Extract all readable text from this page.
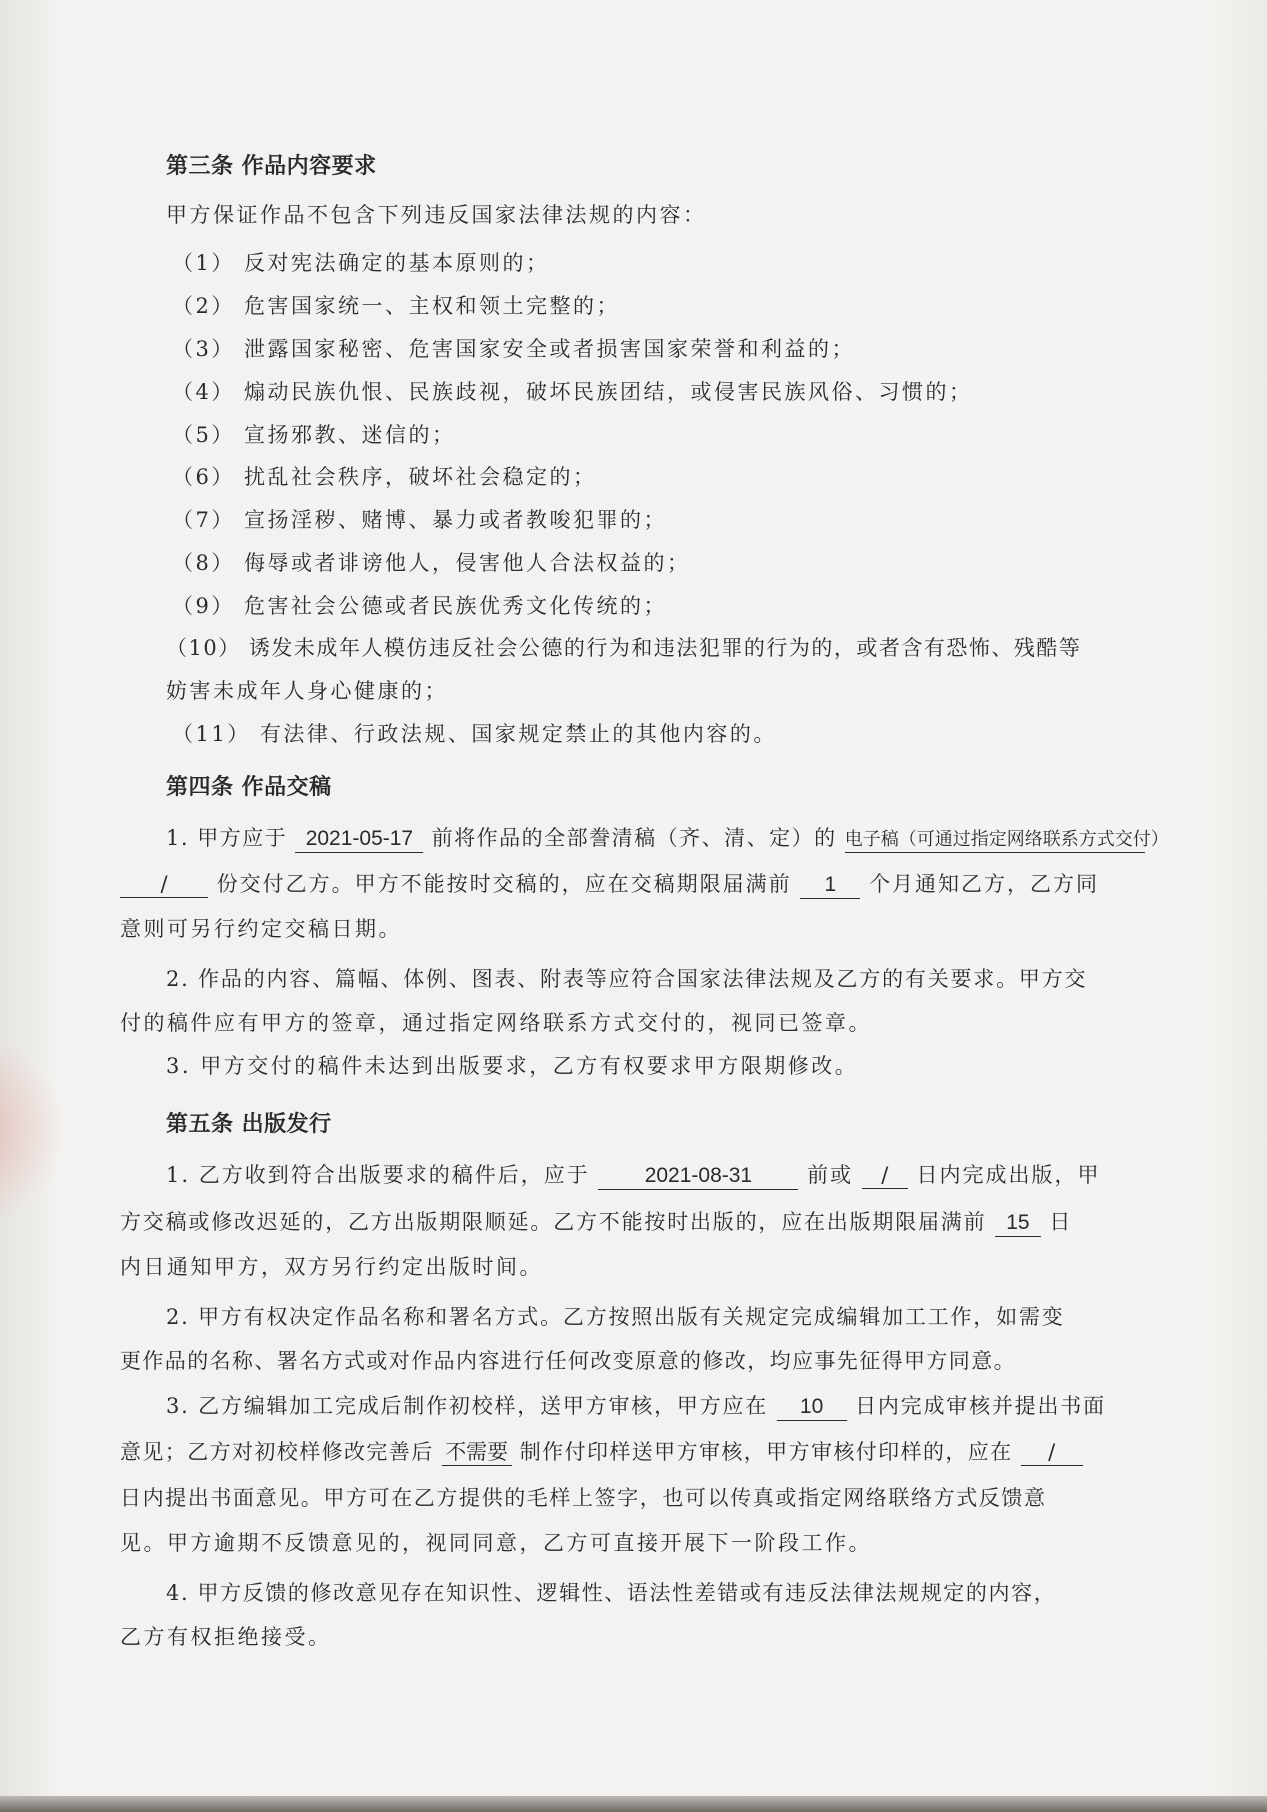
第三条 作品内容要求
甲方保证作品不包含下列违反国家法律法规的内容：
（1） 反对宪法确定的基本原则的；
（2） 危害国家统一、主权和领土完整的；
（3） 泄露国家秘密、危害国家安全或者损害国家荣誉和利益的；
（4） 煽动民族仇恨、民族歧视，破坏民族团结，或侵害民族风俗、习惯的；
（5） 宣扬邪教、迷信的；
（6） 扰乱社会秩序，破坏社会稳定的；
（7） 宣扬淫秽、赌博、暴力或者教唆犯罪的；
（8） 侮辱或者诽谤他人，侵害他人合法权益的；
（9） 危害社会公德或者民族优秀文化传统的；
（10） 诱发未成年人模仿违反社会公德的行为和违法犯罪的行为的，或者含有恐怖、残酷等
妨害未成年人身心健康的；
（11） 有法律、行政法规、国家规定禁止的其他内容的。
第四条 作品交稿
1. 甲方应于 2021-05-17 前将作品的全部誊清稿（齐、清、定）的 电子稿（可通过指定网络联系方式交付）
/ 份交付乙方。甲方不能按时交稿的，应在交稿期限届满前 1 个月通知乙方，乙方同
意则可另行约定交稿日期。
2. 作品的内容、篇幅、体例、图表、附表等应符合国家法律法规及乙方的有关要求。甲方交
付的稿件应有甲方的签章，通过指定网络联系方式交付的，视同已签章。
3. 甲方交付的稿件未达到出版要求，乙方有权要求甲方限期修改。
第五条 出版发行
1. 乙方收到符合出版要求的稿件后，应于	2021-08-31	前或 / 日内完成出版，甲
方交稿或修改迟延的，乙方出版期限顺延。乙方不能按时出版的，应在出版期限届满前 15 日
内日通知甲方，双方另行约定出版时间。
2. 甲方有权决定作品名称和署名方式。乙方按照出版有关规定完成编辑加工工作，如需变
更作品的名称、署名方式或对作品内容进行任何改变原意的修改，均应事先征得甲方同意。
3. 乙方编辑加工完成后制作初校样，送甲方审核，甲方应在 10 日内完成审核并提出书面
意见；乙方对初校样修改完善后 不需要 制作付印样送甲方审核，甲方审核付印样的，应在 /
日内提出书面意见。甲方可在乙方提供的毛样上签字，也可以传真或指定网络联络方式反馈意
见。甲方逾期不反馈意见的，视同同意，乙方可直接开展下一阶段工作。
4. 甲方反馈的修改意见存在知识性、逻辑性、语法性差错或有违反法律法规规定的内容，
乙方有权拒绝接受。
